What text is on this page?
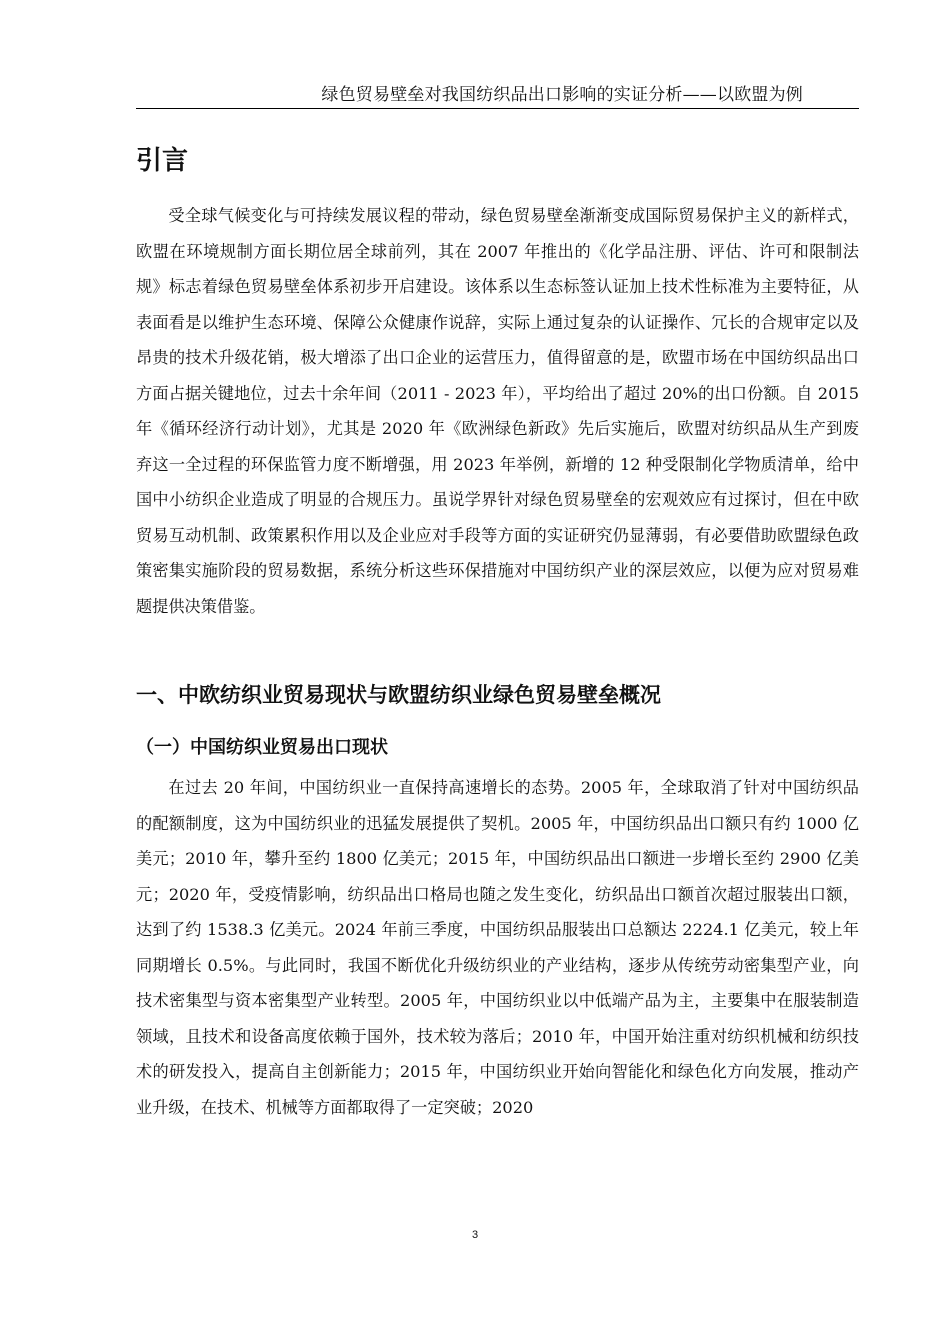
绿色贸易壁垒对我国纺织品出口影响的实证分析——以欧盟为例
引言

受全球气候变化与可持续发展议程的带动，绿色贸易壁垒渐渐变成国际贸易保护主义的新样式，欧盟在环境规制方面长期位居全球前列，其在 2007 年推出的《化学品注册、评估、许可和限制法规》标志着绿色贸易壁垒体系初步开启建设。该体系以生态标签认证加上技术性标准为主要特征，从表面看是以维护生态环境、保障公众健康作说辞，实际上通过复杂的认证操作、冗长的合规审定以及昂贵的技术升级花销，极大增添了出口企业的运营压力，值得留意的是，欧盟市场在中国纺织品出口方面占据关键地位，过去十余年间（2011 - 2023 年），平均给出了超过 20%的出口份额。自 2015 年《循环经济行动计划》，尤其是 2020 年《欧洲绿色新政》先后实施后，欧盟对纺织品从生产到废弃这一全过程的环保监管力度不断增强，用 2023 年举例，新增的 12 种受限制化学物质清单，给中国中小纺织企业造成了明显的合规压力。虽说学界针对绿色贸易壁垒的宏观效应有过探讨，但在中欧贸易互动机制、政策累积作用以及企业应对手段等方面的实证研究仍显薄弱，有必要借助欧盟绿色政策密集实施阶段的贸易数据，系统分析这些环保措施对中国纺织产业的深层效应，以便为应对贸易难题提供决策借鉴。

一、中欧纺织业贸易现状与欧盟纺织业绿色贸易壁垒概况
（一）中国纺织业贸易出口现状

在过去 20 年间，中国纺织业一直保持高速增长的态势。2005 年，全球取消了针对中国纺织品的配额制度，这为中国纺织业的迅猛发展提供了契机。2005 年，中国纺织品出口额只有约 1000 亿美元；2010 年，攀升至约 1800 亿美元；2015 年，中国纺织品出口额进一步增长至约 2900 亿美元；2020 年，受疫情影响，纺织品出口格局也随之发生变化，纺织品出口额首次超过服装出口额，达到了约 1538.3 亿美元。2024 年前三季度，中国纺织品服装出口总额达 2224.1 亿美元，较上年同期增长 0.5%。与此同时，我国不断优化升级纺织业的产业结构，逐步从传统劳动密集型产业，向技术密集型与资本密集型产业转型。2005 年，中国纺织业以中低端产品为主，主要集中在服装制造领域，且技术和设备高度依赖于国外，技术较为落后；2010 年，中国开始注重对纺织机械和纺织技术的研发投入，提高自主创新能力；2015 年，中国纺织业开始向智能化和绿色化方向发展，推动产业升级，在技术、机械等方面都取得了一定突破；2020

3
